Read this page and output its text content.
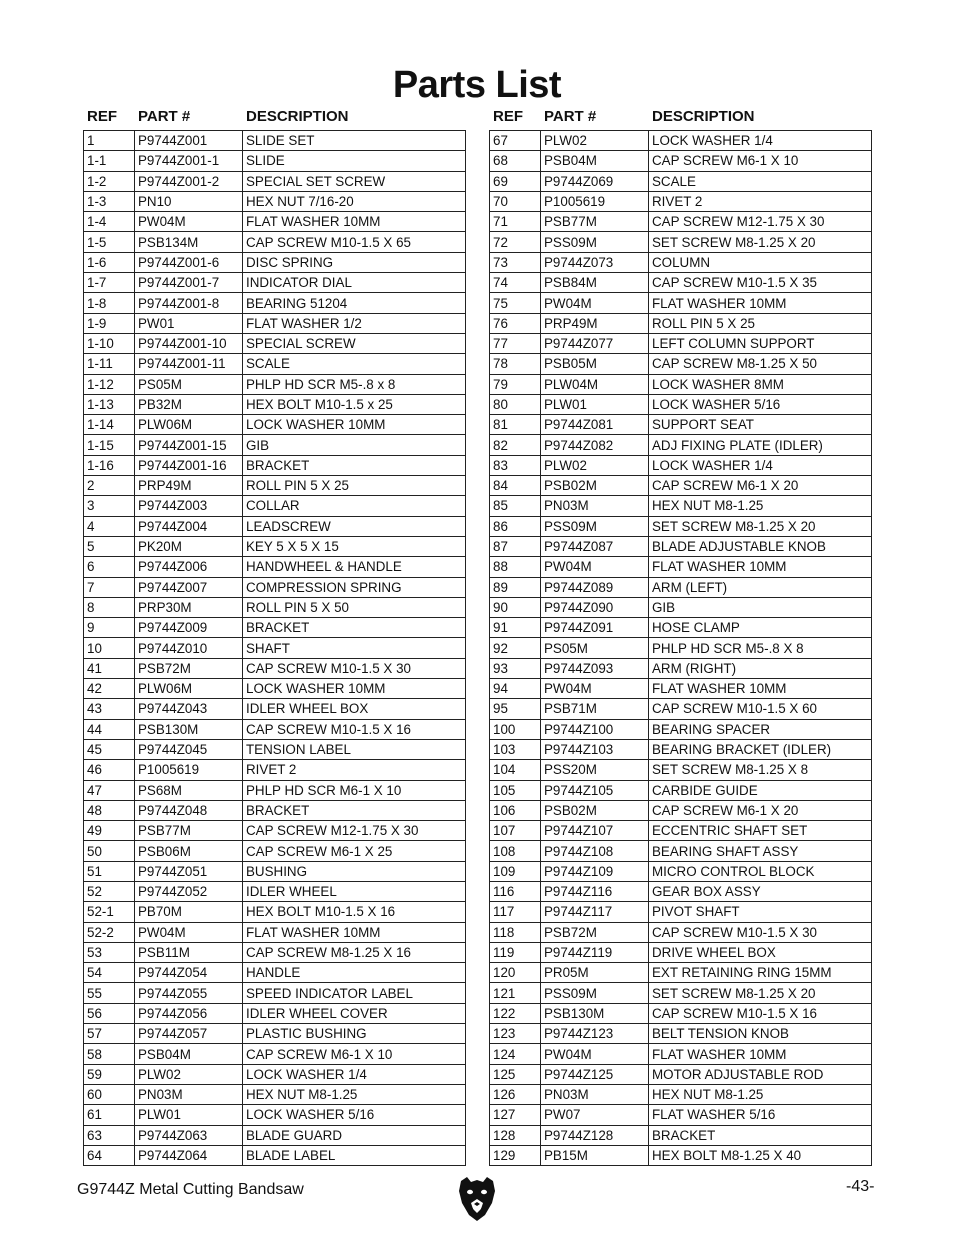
Parts List
REF PART #	DESCRIPTION
1	P9744Z001	SLIDE SET
1-1	P9744Z001-1	SLIDE
1-2	P9744Z001-2	SPECIAL SET SCREW
1-3	PN10	HEX NUT 7/16-20
1-4	PW04M	FLAT WASHER 10MM
1-5	PSB134M	CAP SCREW M10-1.5 X 65
1-6	P9744Z001-6	DISC SPRING
1-7	P9744Z001-7	INDICATOR DIAL
1-8	P9744Z001-8	BEARING 51204
1-9	PW01	FLAT WASHER 1/2
1-10	P9744Z001-10	SPECIAL SCREW
1-11	P9744Z001-11	SCALE
1-12	PS05M	PHLP HD SCR M5-.8 x 8
1-13	PB32M	HEX BOLT M10-1.5 x 25
1-14	PLW06M	LOCK WASHER 10MM
1-15	P9744Z001-15	GIB
1-16	P9744Z001-16	BRACKET
2	PRP49M	ROLL PIN 5 X 25
3	P9744Z003	COLLAR
4	P9744Z004	LEADSCREW
5	PK20M	KEY 5 X 5 X 15
6	P9744Z006	HANDWHEEL & HANDLE
7	P9744Z007	COMPRESSION SPRING
8	PRP30M	ROLL PIN 5 X 50
9	P9744Z009	BRACKET
10	P9744Z010	SHAFT
41	PSB72M	CAP SCREW M10-1.5 X 30
42	PLW06M	LOCK WASHER 10MM
43	P9744Z043	IDLER WHEEL BOX
44	PSB130M	CAP SCREW M10-1.5 X 16
45	P9744Z045	TENSION LABEL
46	P1005619	RIVET 2
47	PS68M	PHLP HD SCR M6-1 X 10
48	P9744Z048	BRACKET
49	PSB77M	CAP SCREW M12-1.75 X 30
50	PSB06M	CAP SCREW M6-1 X 25
51	P9744Z051	BUSHING
52	P9744Z052	IDLER WHEEL
52-1	PB70M	HEX BOLT M10-1.5 X 16
52-2	PW04M	FLAT WASHER 10MM
53	PSB11M	CAP SCREW M8-1.25 X 16
54	P9744Z054	HANDLE
55	P9744Z055	SPEED INDICATOR LABEL
56	P9744Z056	IDLER WHEEL COVER
57	P9744Z057	PLASTIC BUSHING
58	PSB04M	CAP SCREW M6-1 X 10
59	PLW02	LOCK WASHER 1/4
60	PN03M	HEX NUT M8-1.25
61	PLW01	LOCK WASHER 5/16
63	P9744Z063	BLADE GUARD
64	P9744Z064	BLADE LABEL
REF PART #	DESCRIPTION
67	PLW02	LOCK WASHER 1/4
68	PSB04M	CAP SCREW M6-1 X 10
69	P9744Z069	SCALE
70	P1005619	RIVET 2
71	PSB77M	CAP SCREW M12-1.75 X 30
72	PSS09M	SET SCREW M8-1.25 X 20
73	P9744Z073	COLUMN
74	PSB84M	CAP SCREW M10-1.5 X 35
75	PW04M	FLAT WASHER 10MM
76	PRP49M	ROLL PIN 5 X 25
77	P9744Z077	LEFT COLUMN SUPPORT
78	PSB05M	CAP SCREW M8-1.25 X 50
79	PLW04M	LOCK WASHER 8MM
80	PLW01	LOCK WASHER 5/16
81	P9744Z081	SUPPORT SEAT
82	P9744Z082	ADJ FIXING PLATE (IDLER)
83	PLW02	LOCK WASHER 1/4
84	PSB02M	CAP SCREW M6-1 X 20
85	PN03M	HEX NUT M8-1.25
86	PSS09M	SET SCREW M8-1.25 X 20
87	P9744Z087	BLADE ADJUSTABLE KNOB
88	PW04M	FLAT WASHER 10MM
89	P9744Z089	ARM (LEFT)
90	P9744Z090	GIB
91	P9744Z091	HOSE CLAMP
92	PS05M	PHLP HD SCR M5-.8 X 8
93	P9744Z093	ARM (RIGHT)
94	PW04M	FLAT WASHER 10MM
95	PSB71M	CAP SCREW M10-1.5 X 60
100	P9744Z100	BEARING SPACER
103	P9744Z103	BEARING BRACKET (IDLER)
104	PSS20M	SET SCREW M8-1.25 X 8
105	P9744Z105	CARBIDE GUIDE
106	PSB02M	CAP SCREW M6-1 X 20
107	P9744Z107	ECCENTRIC SHAFT SET
108	P9744Z108	BEARING SHAFT ASSY
109	P9744Z109	MICRO CONTROL BLOCK
116	P9744Z116	GEAR BOX ASSY
117	P9744Z117	PIVOT SHAFT
118	PSB72M	CAP SCREW M10-1.5 X 30
119	P9744Z119	DRIVE WHEEL BOX
120	PR05M	EXT RETAINING RING 15MM
121	PSS09M	SET SCREW M8-1.25 X 20
122	PSB130M	CAP SCREW M10-1.5 X 16
123	P9744Z123	BELT TENSION KNOB
124	PW04M	FLAT WASHER 10MM
125	P9744Z125	MOTOR ADJUSTABLE ROD
126	PN03M	HEX NUT M8-1.25
127	PW07	FLAT WASHER 5/16
128	P9744Z128	BRACKET
129	PB15M	HEX BOLT M8-1.25 X 40
G9744Z Metal Cutting Bandsaw	-43-
